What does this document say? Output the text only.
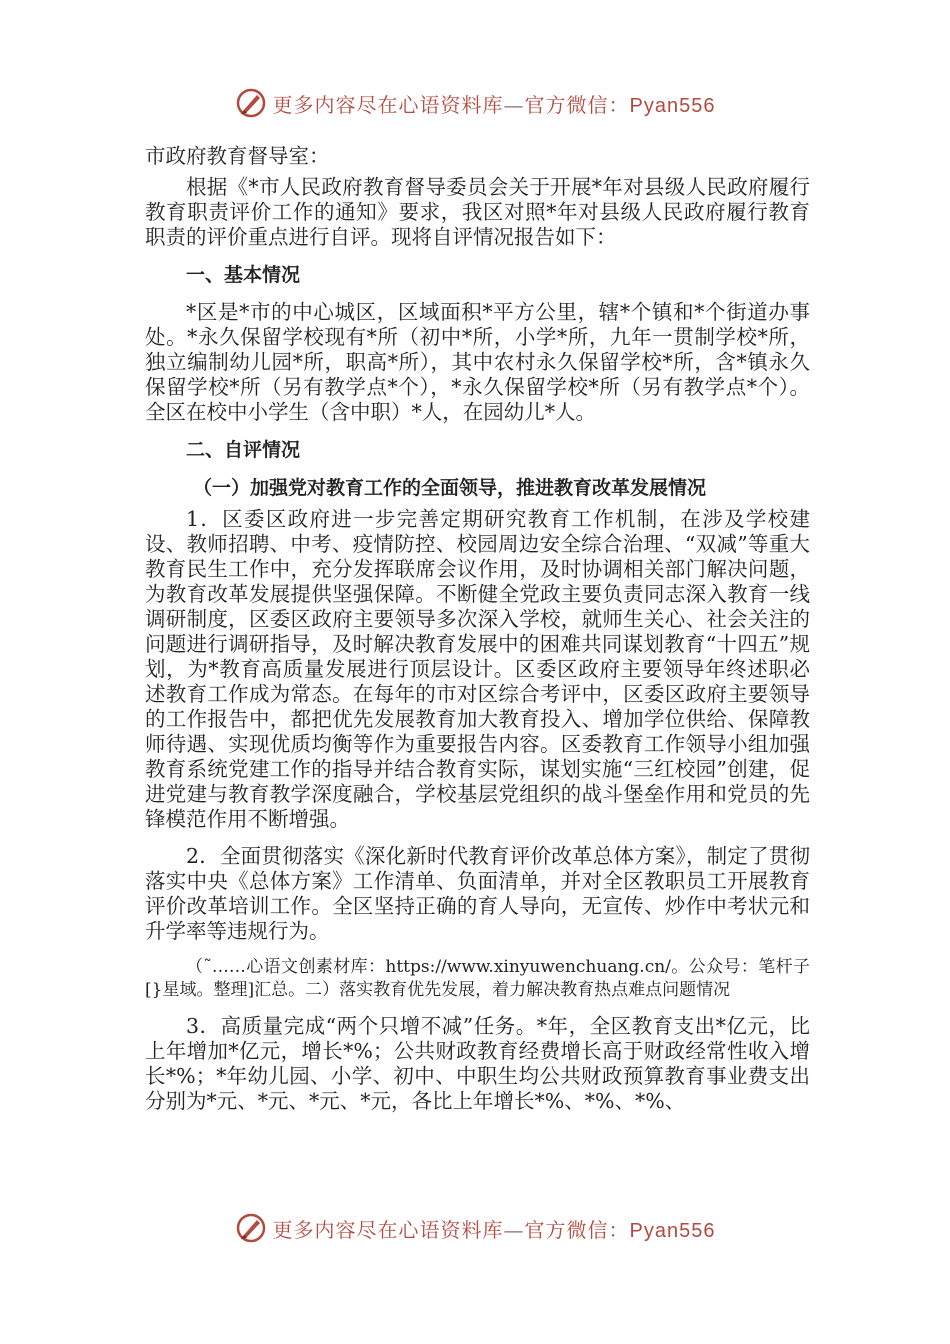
更多内容尽在心语资料库—官方微信：Pyan556

市政府教育督导室：

根据《*市人民政府教育督导委员会关于开展*年对县级人民政府履行教育职责评价工作的通知》要求，我区对照*年对县级人民政府履行教育职责的评价重点进行自评。现将自评情况报告如下：

一、基本情况

*区是*市的中心城区，区域面积*平方公里，辖*个镇和*个街道办事处。*永久保留学校现有*所（初中*所，小学*所，九年一贯制学校*所，独立编制幼儿园*所，职高*所），其中农村永久保留学校*所，含*镇永久保留学校*所（另有教学点*个），*永久保留学校*所（另有教学点*个）。全区在校中小学生（含中职）*人，在园幼儿*人。

二、自评情况

（一）加强党对教育工作的全面领导，推进教育改革发展情况

1．区委区政府进一步完善定期研究教育工作机制，在涉及学校建设、教师招聘、中考、疫情防控、校园周边安全综合治理、“双减”等重大教育民生工作中，充分发挥联席会议作用，及时协调相关部门解决问题，为教育改革发展提供坚强保障。不断健全党政主要负责同志深入教育一线调研制度，区委区政府主要领导多次深入学校，就师生关心、社会关注的问题进行调研指导，及时解决教育发展中的困难共同谋划教育“十四五”规划，为*教育高质量发展进行顶层设计。区委区政府主要领导年终述职必述教育工作成为常态。在每年的市对区综合考评中，区委区政府主要领导的工作报告中，都把优先发展教育加大教育投入、增加学位供给、保障教师待遇、实现优质均衡等作为重要报告内容。区委教育工作领导小组加强教育系统党建工作的指导并结合教育实际，谋划实施“三红校园”创建，促进党建与教育教学深度融合，学校基层党组织的战斗堡垒作用和党员的先锋模范作用不断增强。

2．全面贯彻落实《深化新时代教育评价改革总体方案》，制定了贯彻落实中央《总体方案》工作清单、负面清单，并对全区教职员工开展教育评价改革培训工作。全区坚持正确的育人导向，无宣传、炒作中考状元和升学率等违规行为。

（˜……心语文创素材库：https://www.xinyuwenchuang.cn/。公众号：笔杆子[}星域。整理]汇总。二）落实教育优先发展，着力解决教育热点难点问题情况

3．高质量完成“两个只增不减”任务。*年，全区教育支出*亿元，比上年增加*亿元，增长*%；公共财政教育经费增长高于财政经常性收入增长*%；*年幼儿园、小学、初中、中职生均公共财政预算教育事业费支出分别为*元、*元、*元、*元，各比上年增长*%、*%、*%、

更多内容尽在心语资料库—官方微信：Pyan556
